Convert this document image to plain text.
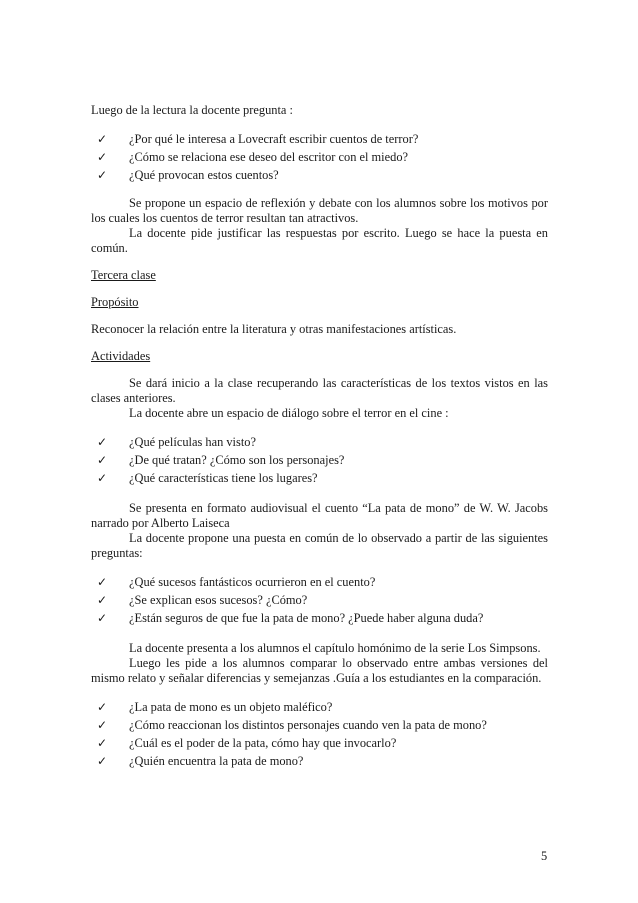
Luego de la lectura la docente pregunta :

✓ ¿Por qué le interesa a Lovecraft escribir cuentos de terror?
✓ ¿Cómo se relaciona ese deseo del escritor con el miedo?
✓ ¿Qué provocan estos cuentos?

Se propone un espacio de reflexión y debate con los alumnos sobre los motivos por los cuales los cuentos de terror resultan tan atractivos.

La docente pide justificar las respuestas por escrito. Luego se hace la puesta en común.

Tercera clase

Propósito

Reconocer la relación entre la literatura y otras manifestaciones artísticas.

Actividades

Se dará inicio a la clase recuperando las características de los textos vistos en las clases anteriores.

La docente abre un espacio de diálogo sobre el terror en el cine :

✓ ¿Qué películas han visto?
✓ ¿De qué tratan? ¿Cómo son los personajes?
✓ ¿Qué características tiene los lugares?

Se presenta en formato audiovisual el cuento “La pata de mono” de W. W. Jacobs narrado por Alberto Laiseca

La docente propone una puesta en común de lo observado a partir de las siguientes preguntas:

✓ ¿Qué sucesos fantásticos ocurrieron en el cuento?
✓ ¿Se explican esos sucesos? ¿Cómo?
✓ ¿Están seguros de que fue la pata de mono? ¿Puede haber alguna duda?

La docente presenta a los alumnos el capítulo homónimo de la serie Los Simpsons.

Luego les pide a los alumnos comparar lo observado entre ambas versiones del mismo relato y señalar diferencias y semejanzas .Guía a los estudiantes en la comparación.

✓ ¿La pata de mono es un objeto maléfico?
✓ ¿Cómo reaccionan los distintos personajes cuando ven la pata de mono?
✓ ¿Cuál es el poder de la pata, cómo hay que invocarlo?
✓ ¿Quién encuentra la pata de mono?
5
